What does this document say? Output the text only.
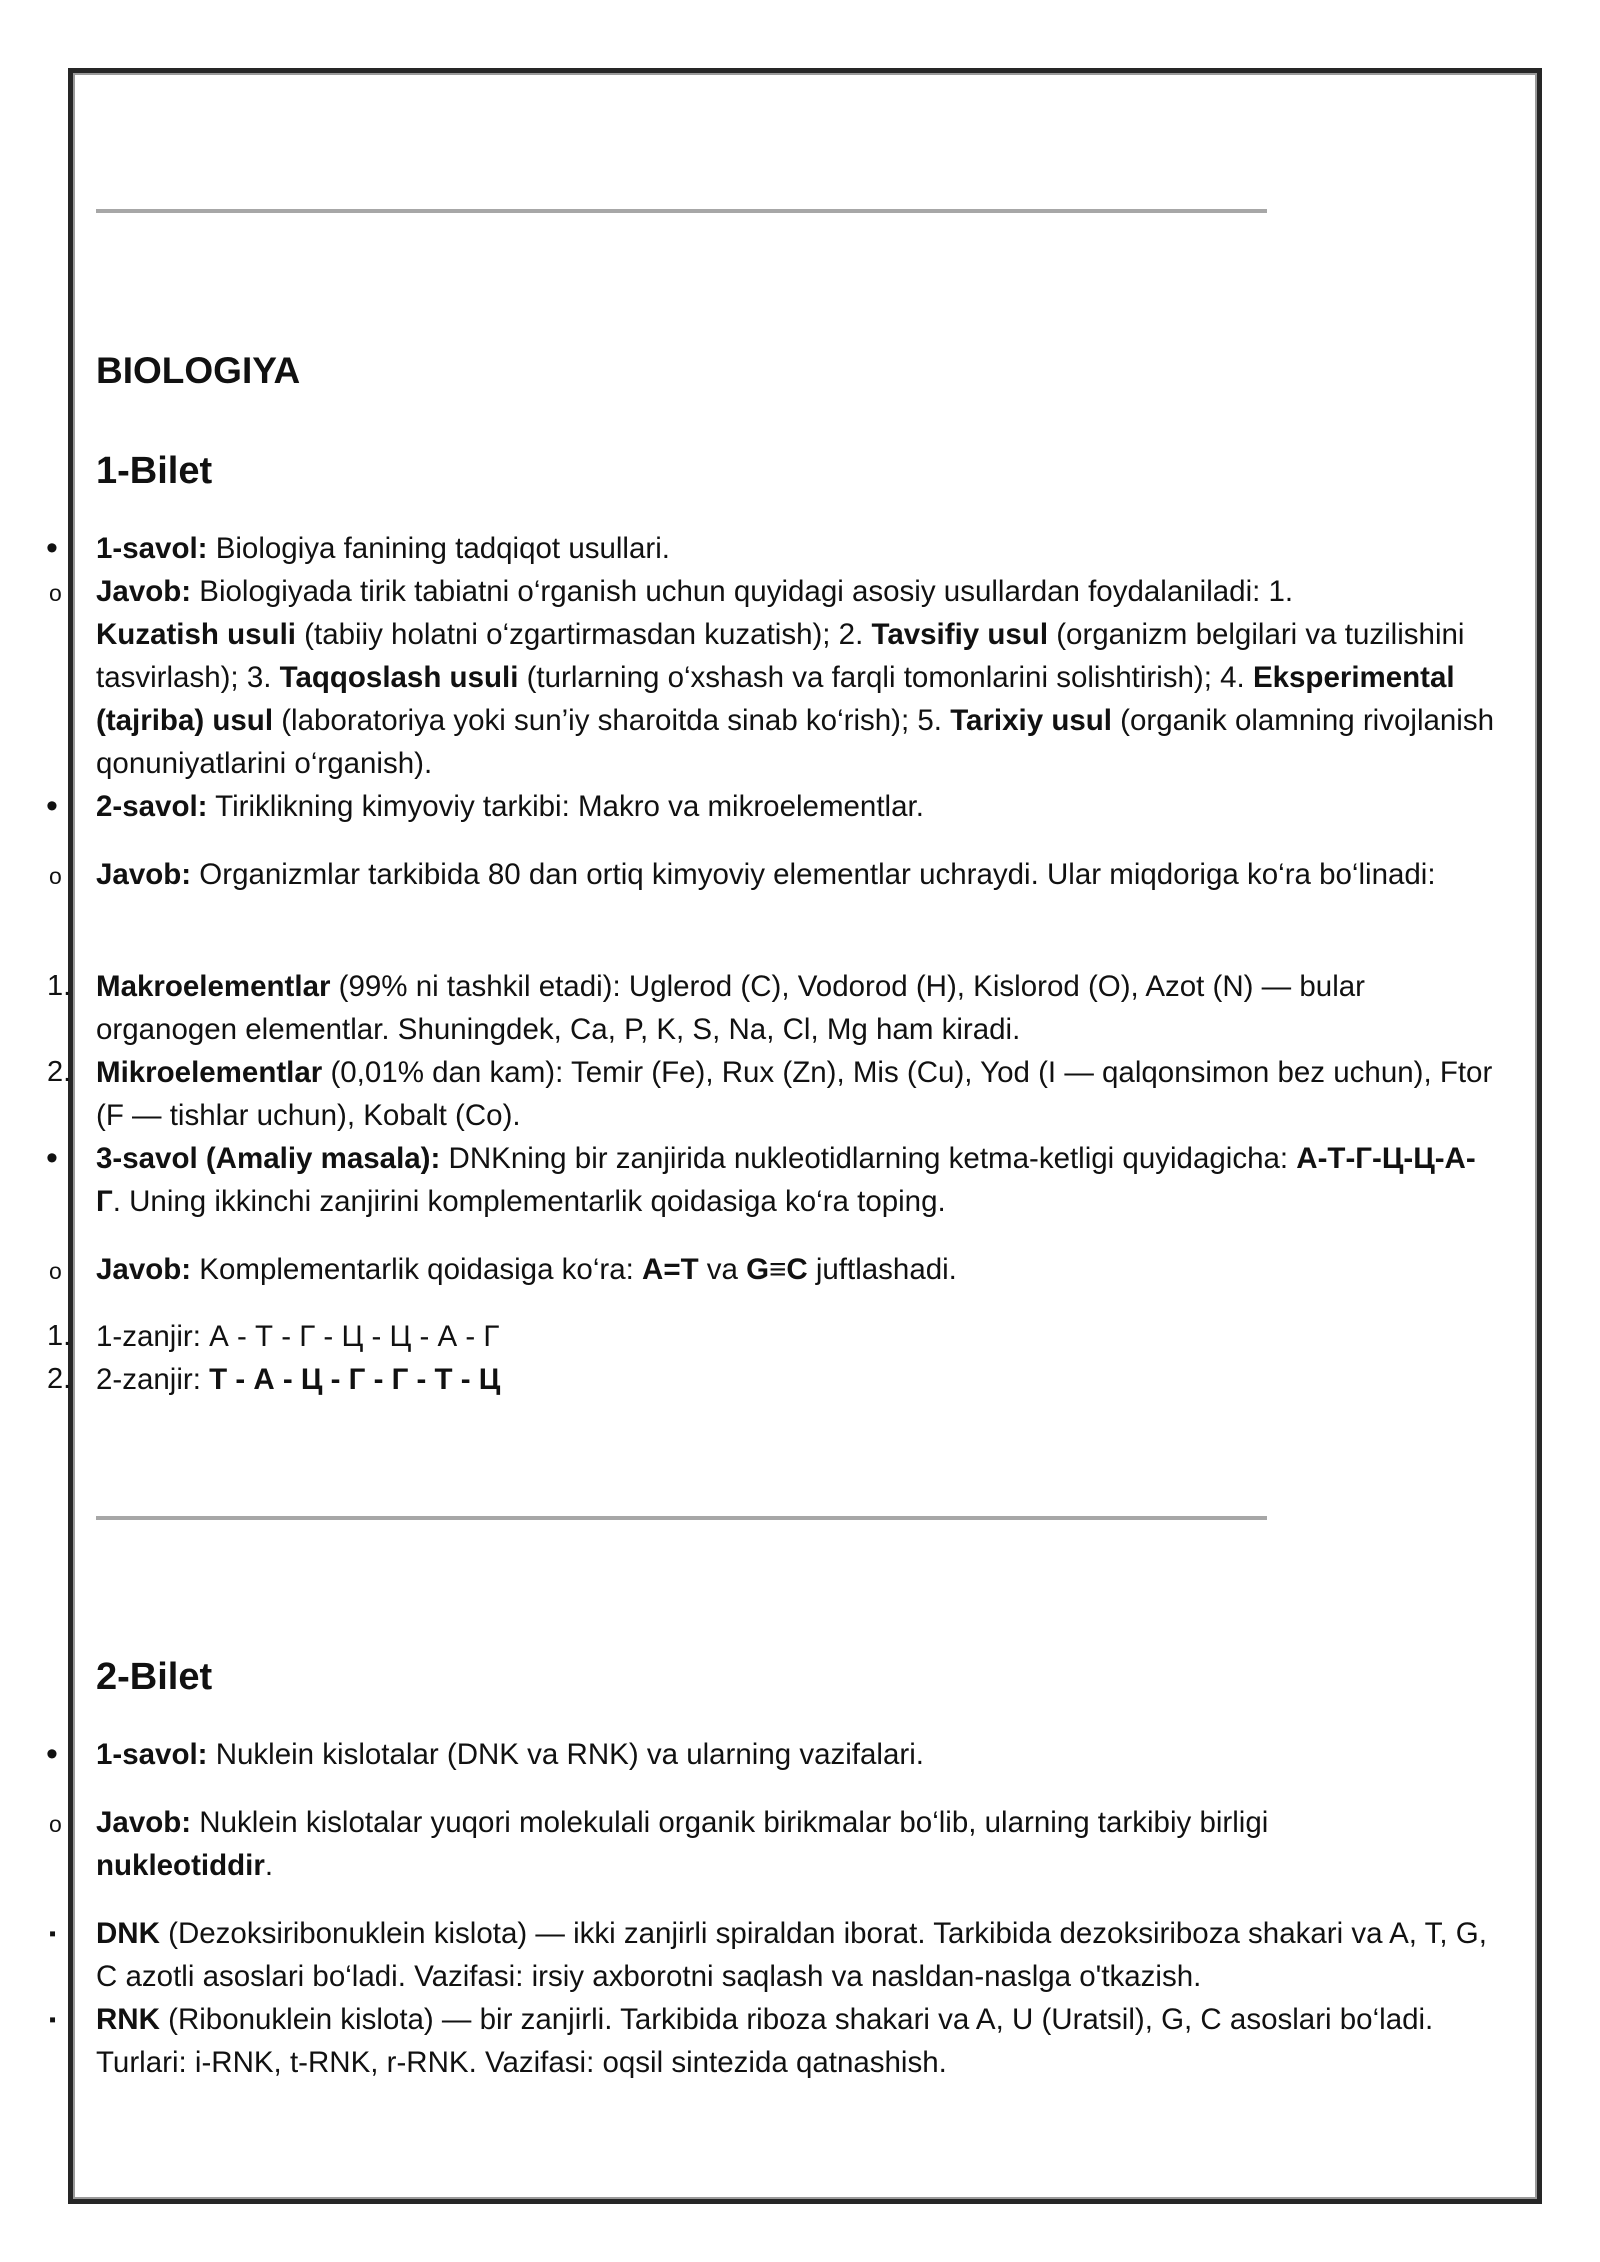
BIOLOGIYA
1-Bilet
• 1-savol: Biologiya fanining tadqiqot usullari.
o Javob: Biologiyada tirik tabiatni o‘rganish uchun quyidagi asosiy usullardan foydalaniladi: 1.
Kuzatish usuli (tabiiy holatni o‘zgartirmasdan kuzatish); 2. Tavsifiy usul (organizm belgilari va tuzilishini tasvirlash); 3. Taqqoslash usuli (turlarning o‘xshash va farqli tomonlarini solishtirish); 4. Eksperimental (tajriba) usul (laboratoriya yoki sun’iy sharoitda sinab ko‘rish); 5. Tarixiy usul (organik olamning rivojlanish qonuniyatlarini o‘rganish).
• 2-savol: Tiriklikning kimyoviy tarkibi: Makro va mikroelementlar.
o Javob: Organizmlar tarkibida 80 dan ortiq kimyoviy elementlar uchraydi. Ular miqdoriga ko‘ra bo‘linadi:
1. Makroelementlar (99% ni tashkil etadi): Uglerod (C), Vodorod (H), Kislorod (O), Azot (N) — bular organogen elementlar. Shuningdek, Ca, P, K, S, Na, Cl, Mg ham kiradi.
2. Mikroelementlar (0,01% dan kam): Temir (Fe), Rux (Zn), Mis (Cu), Yod (I — qalqonsimon bez uchun), Ftor (F — tishlar uchun), Kobalt (Co).
• 3-savol (Amaliy masala): DNKning bir zanjirida nukleotidlarning ketma-ketligi quyidagicha: А-Т-Г-Ц-Ц-А-Г. Uning ikkinchi zanjirini komplementarlik qoidasiga ko‘ra toping.
o Javob: Komplementarlik qoidasiga ko‘ra: A=T va G≡C juftlashadi.
1. 1-zanjir: А - Т - Г - Ц - Ц - А - Г
2. 2-zanjir: Т - А - Ц - Г - Г - Т - Ц
2-Bilet
• 1-savol: Nuklein kislotalar (DNK va RNK) va ularning vazifalari.
o Javob: Nuklein kislotalar yuqori molekulali organik birikmalar bo‘lib, ularning tarkibiy birligi nukleotiddir.
▪	DNK (Dezoksiribonuklein kislota) — ikki zanjirli spiraldan iborat. Tarkibida dezoksiriboza shakari va A, T, G, C azotli asoslari bo‘ladi. Vazifasi: irsiy axborotni saqlash va nasldan-naslga o'tkazish.
▪	RNK (Ribonuklein kislota) — bir zanjirli. Tarkibida riboza shakari va A, U (Uratsil), G, C asoslari bo‘ladi. Turlari: i-RNK, t-RNK, r-RNK. Vazifasi: oqsil sintezida qatnashish.
